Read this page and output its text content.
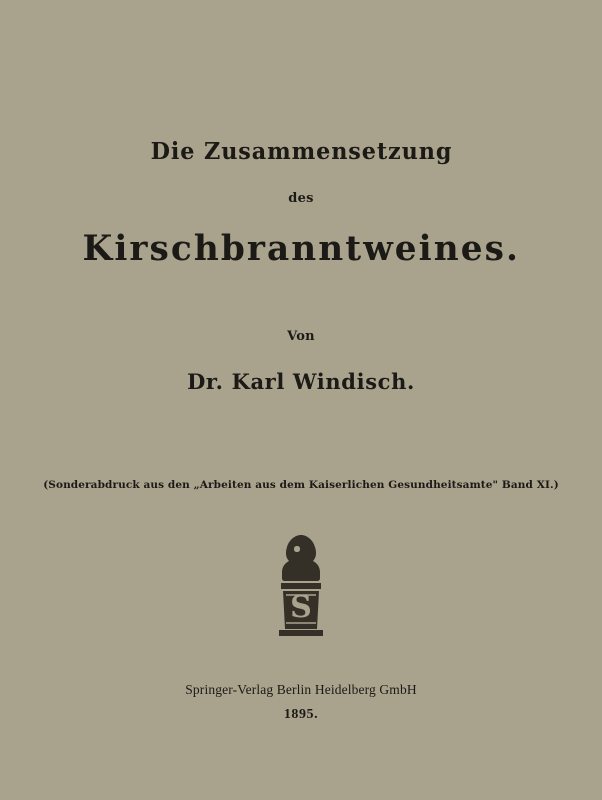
Die Zusammensetzung
des
Kirschbranntweines.
Von
Dr. Karl Windisch.
(Sonderabdruck aus den „Arbeiten aus dem Kaiserlichen Gesundheitsamte" Band XI.)
S
Springer-Verlag Berlin Heidelberg GmbH
1895.
